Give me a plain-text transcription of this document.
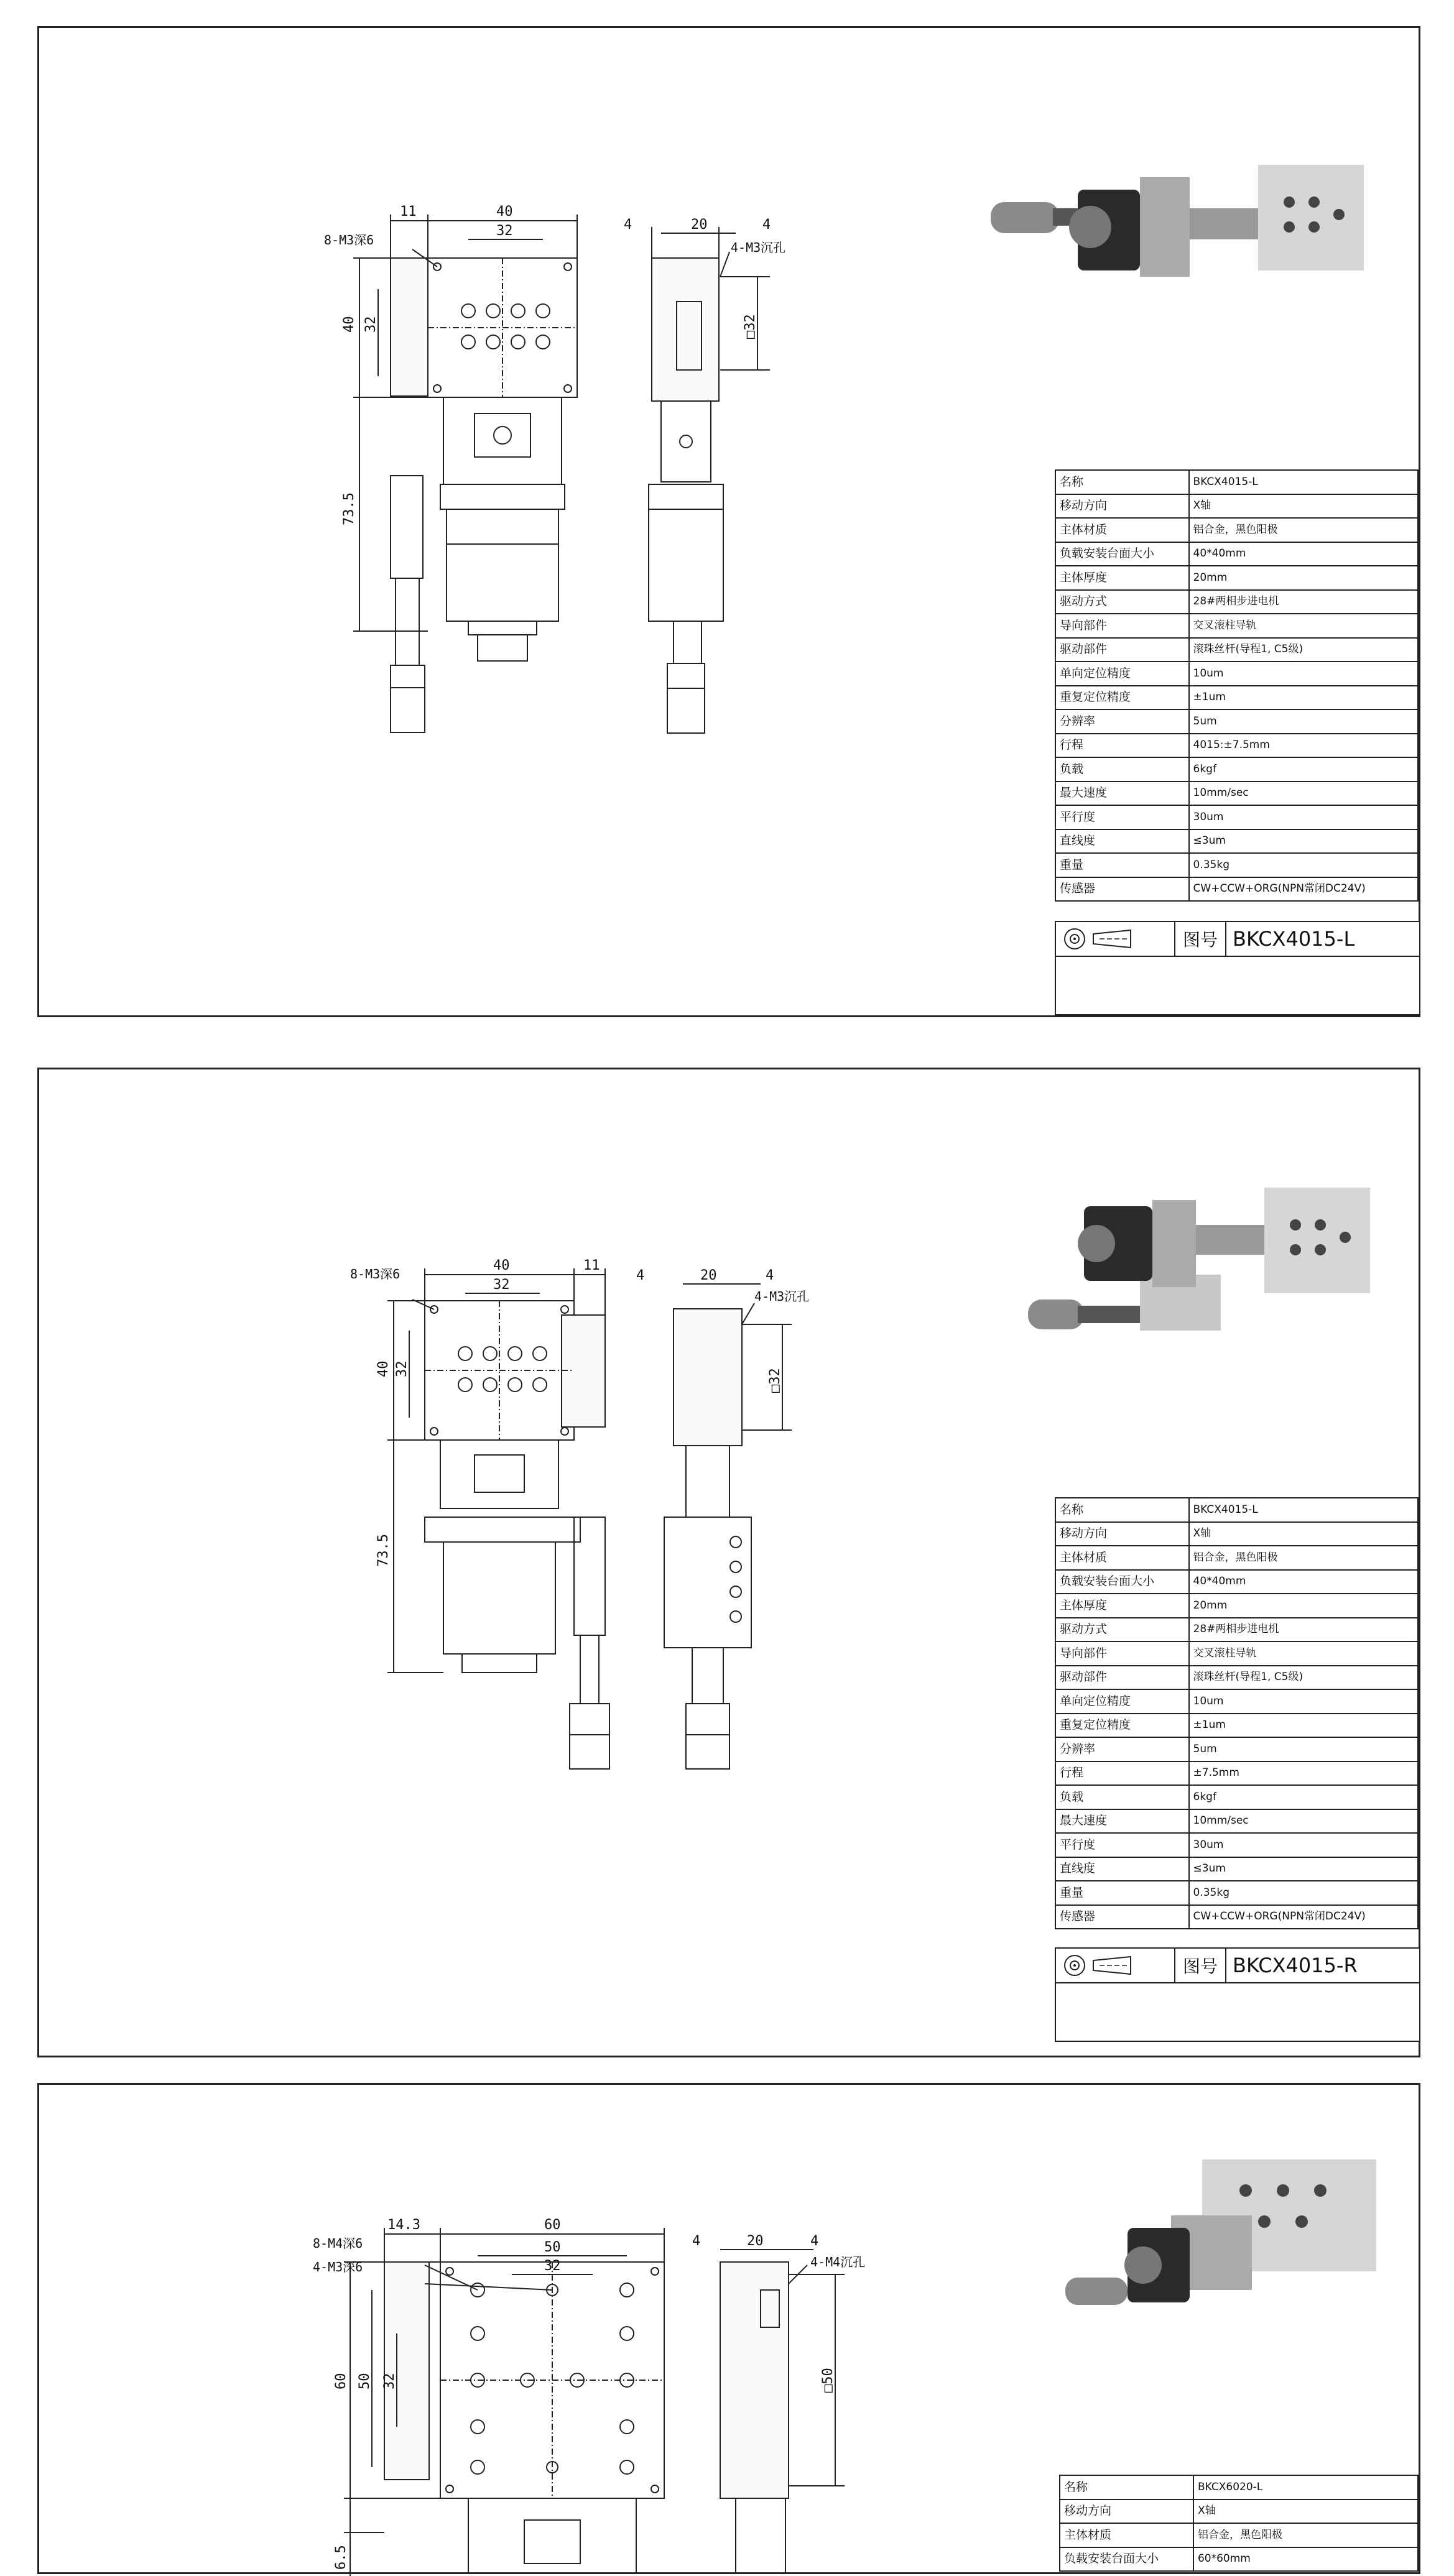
11	40
32
8-M3深6
40 32
73.5
4	20	4
4-M3沉孔
□32
名称	BKCX4015-L
移动方向	X轴
主体材质	铝合金，黑色阳极
负载安装台面大小	40*40mm
主体厚度	20mm
驱动方式	28#两相步进电机
导向部件	交叉滚柱导轨
驱动部件	滚珠丝杆(导程1, C5级)
单向定位精度	10um
重复定位精度	±1um
分辨率	5um
行程	4015:±7.5mm
负载	6kgf
最大速度	10mm/sec
平行度	30um
直线度	≤3um
重量	0.35kg
传感器	CW+CCW+ORG(NPN常闭DC24V)
	图号	BKCX4015-L

40	11
32
8-M3深6
40 32
73.5
4	20	4
4-M3沉孔
□32
名称	BKCX4015-L
移动方向	X轴
主体材质	铝合金，黑色阳极
负载安装台面大小	40*40mm
主体厚度	20mm
驱动方式	28#两相步进电机
导向部件	交叉滚柱导轨
驱动部件	滚珠丝杆(导程1, C5级)
单向定位精度	10um
重复定位精度	±1um
分辨率	5um
行程	±7.5mm
负载	6kgf
最大速度	10mm/sec
平行度	30um
直线度	≤3um
重量	0.35kg
传感器	CW+CCW+ORG(NPN常闭DC24V)
	图号	BKCX4015-R

14.3	60
50
32
8-M4深6
4-M3深6
60 50 32
6.5
4	20	4
4-M4沉孔
□50
名称	BKCX6020-L
移动方向	X轴
主体材质	铝合金，黑色阳极
负载安装台面大小	60*60mm
